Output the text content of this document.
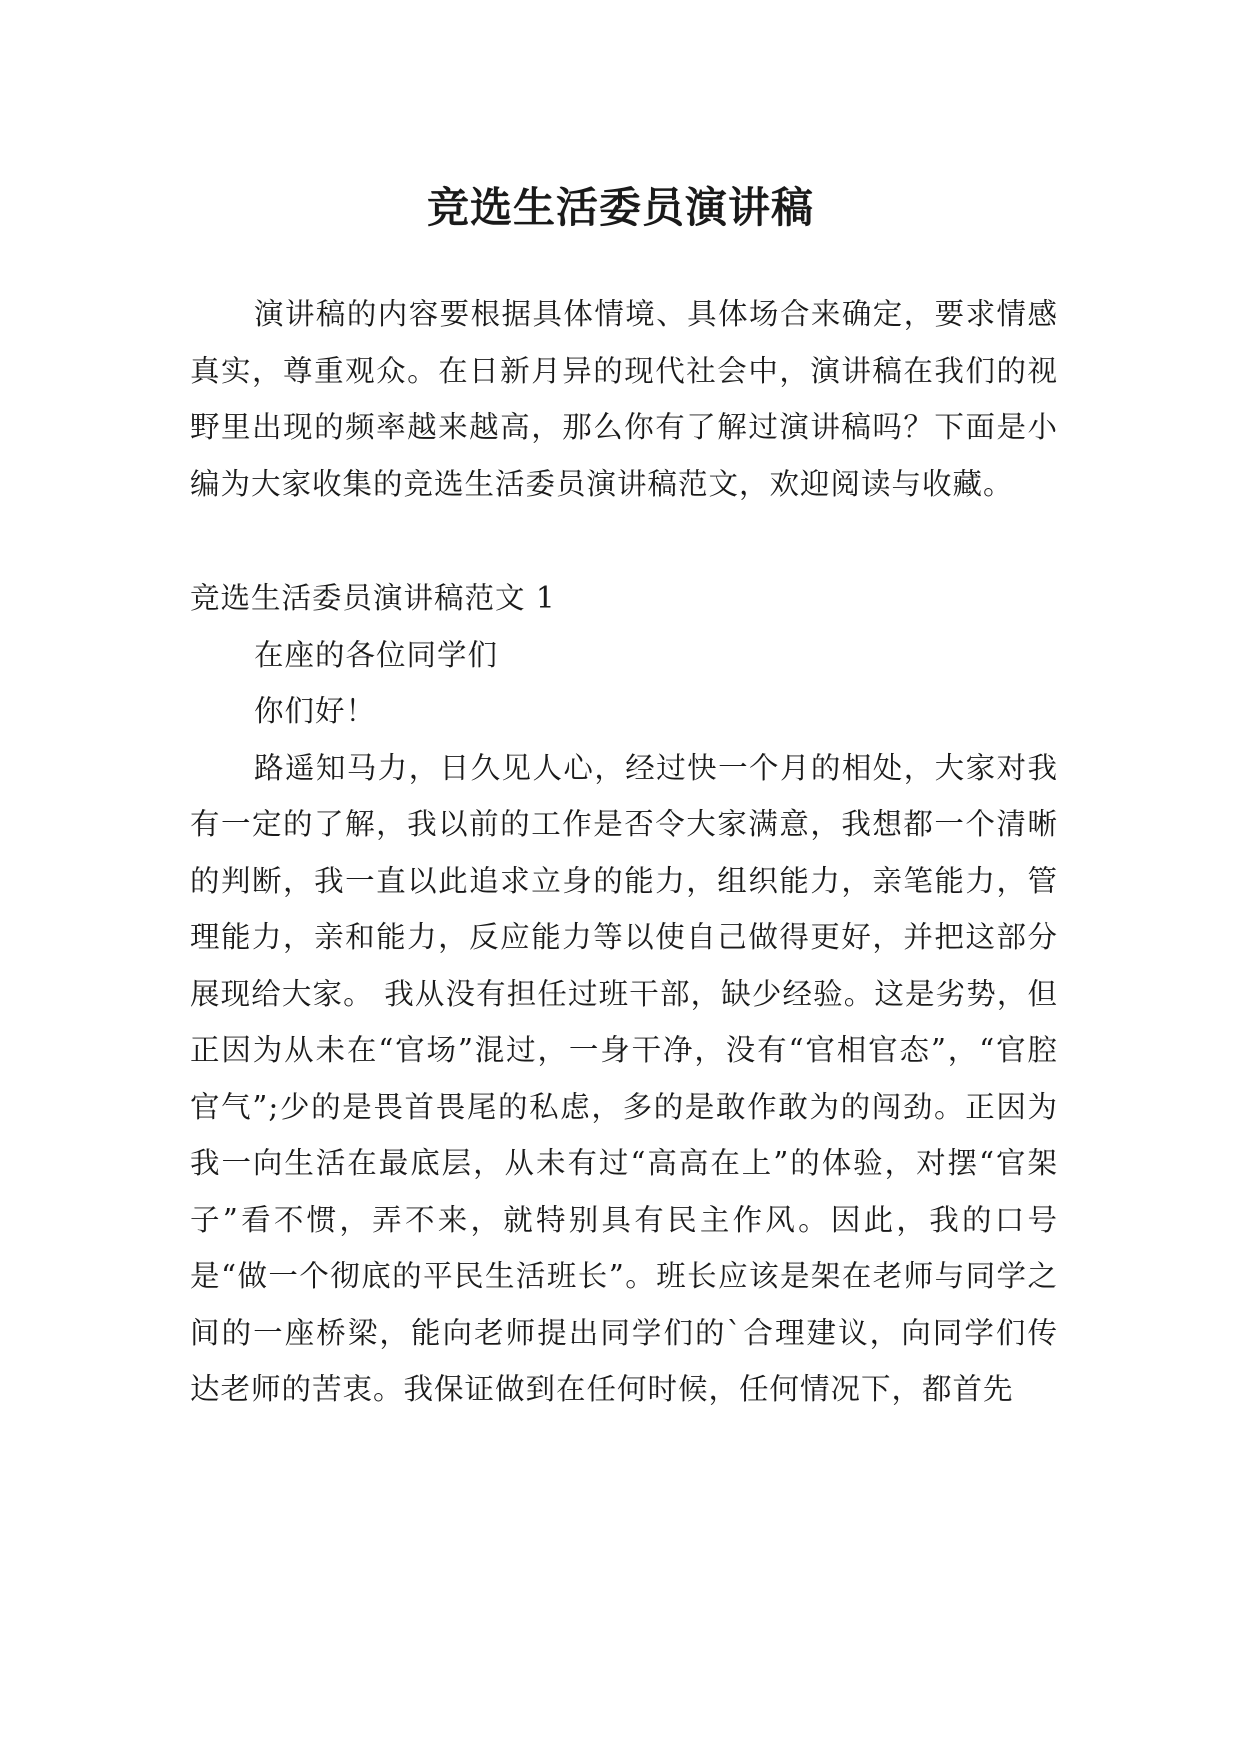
竞选生活委员演讲稿

演讲稿的内容要根据具体情境、具体场合来确定，要求情感真实，尊重观众。在日新月异的现代社会中，演讲稿在我们的视野里出现的频率越来越高，那么你有了解过演讲稿吗？下面是小编为大家收集的竞选生活委员演讲稿范文，欢迎阅读与收藏。

竞选生活委员演讲稿范文 1

在座的各位同学们

你们好！

路遥知马力，日久见人心，经过快一个月的相处，大家对我有一定的了解，我以前的工作是否令大家满意，我想都一个清晰的判断，我一直以此追求立身的能力，组织能力，亲笔能力，管理能力，亲和能力，反应能力等以使自己做得更好，并把这部分展现给大家。 我从没有担任过班干部，缺少经验。这是劣势，但正因为从未在“官场”混过，一身干净，没有“官相官态”，“官腔官气”;少的是畏首畏尾的私虑，多的是敢作敢为的闯劲。正因为我一向生活在最底层，从未有过“高高在上”的体验，对摆“官架子”看不惯，弄不来，就特别具有民主作风。因此，我的口号是“做一个彻底的平民生活班长”。班长应该是架在老师与同学之间的一座桥梁，能向老师提出同学们的`合理建议，向同学们传达老师的苦衷。我保证做到在任何时候，任何情况下，都首先
